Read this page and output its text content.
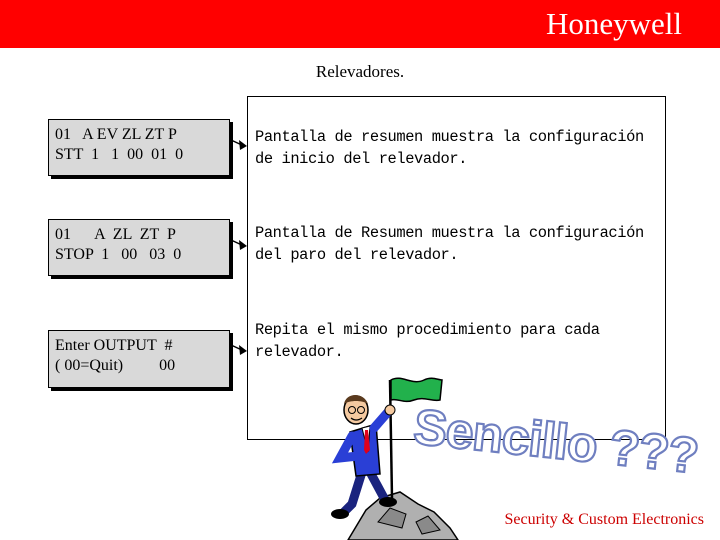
Honeywell
Relevadores.
01   A EV ZL ZT P
STT  1   1  00  01  0
Pantalla de resumen muestra la configuración
de inicio del relevador.
01      A  ZL  ZT  P
STOP  1   00   03  0
Pantalla de Resumen muestra la configuración
del paro del relevador.
Enter OUTPUT  #
( 00=Quit)         00
Repita el mismo procedimiento para cada
relevador.
Sencillo ???
Security & Custom Electronics
